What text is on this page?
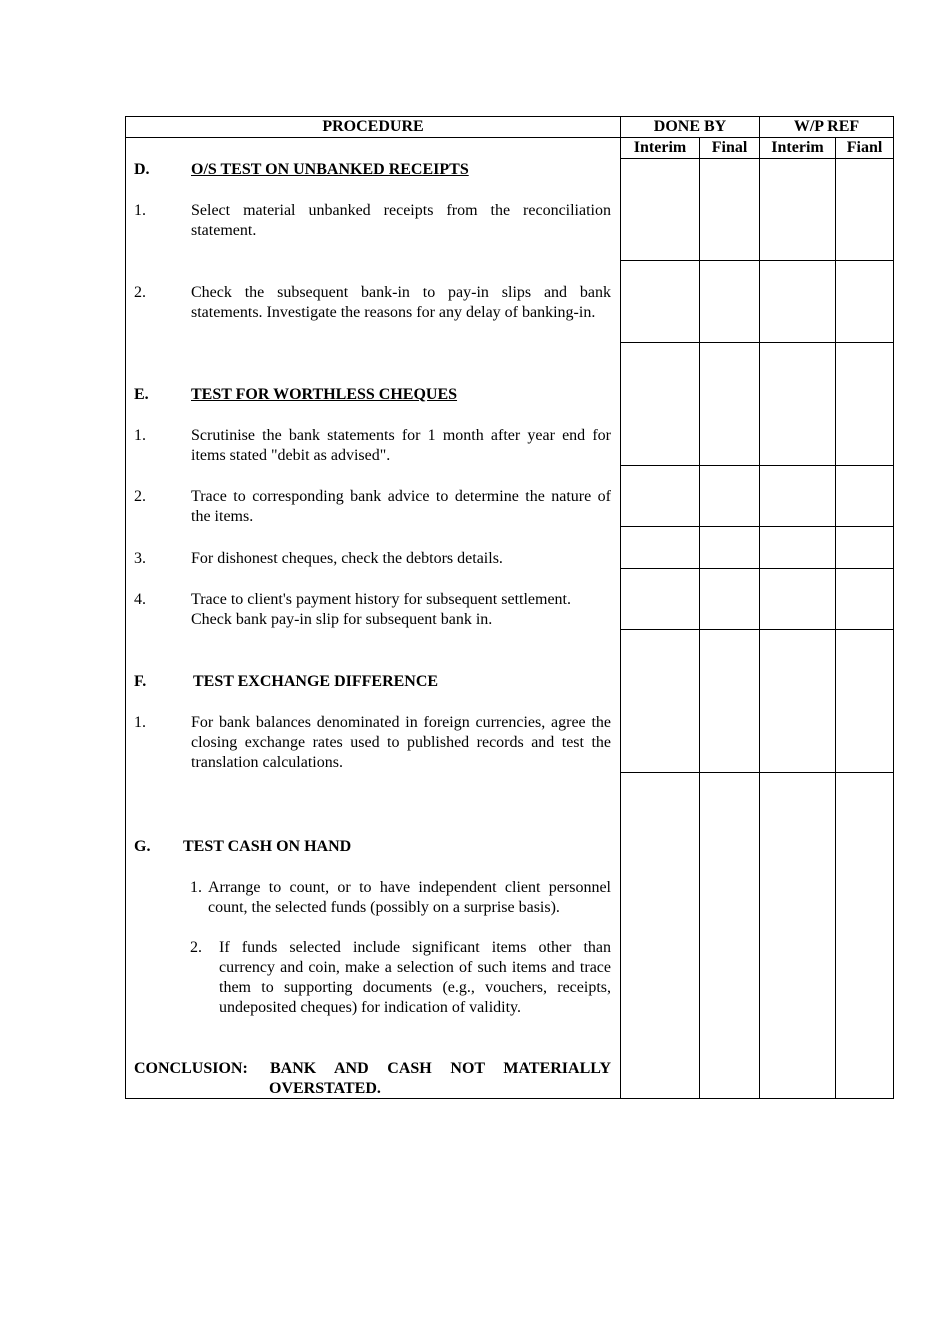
PROCEDURE	DONE BY	W/P REF
Interim	Final	Interim	Fianl
D.	O/S TEST ON UNBANKED RECEIPTS
1.	Select material unbanked receipts from the reconciliation statement.
2.	Check the subsequent bank-in to pay-in slips and bank statements. Investigate the reasons for any delay of banking-in.
E.	TEST FOR WORTHLESS CHEQUES
1.	Scrutinise the bank statements for 1 month after year end for items stated "debit as advised".
2.	Trace to corresponding bank advice to determine the nature of the items.
3.	For dishonest cheques, check the debtors details.
4.	Trace to client's payment history for subsequent settlement.
Check bank pay-in slip for subsequent bank in.
F.	TEST EXCHANGE DIFFERENCE
1.	For bank balances denominated in foreign currencies, agree the closing exchange rates used to published records and test the translation calculations.
G. TEST CASH ON HAND
1. Arrange to count, or to have independent client personnel count, the selected funds (possibly on a surprise basis).
2. If funds selected include significant items other than currency and coin, make a selection of such items and trace them to supporting documents (e.g., vouchers, receipts, undeposited cheques) for indication of validity.
CONCLUSION: BANK AND CASH NOT MATERIALLY
OVERSTATED.
